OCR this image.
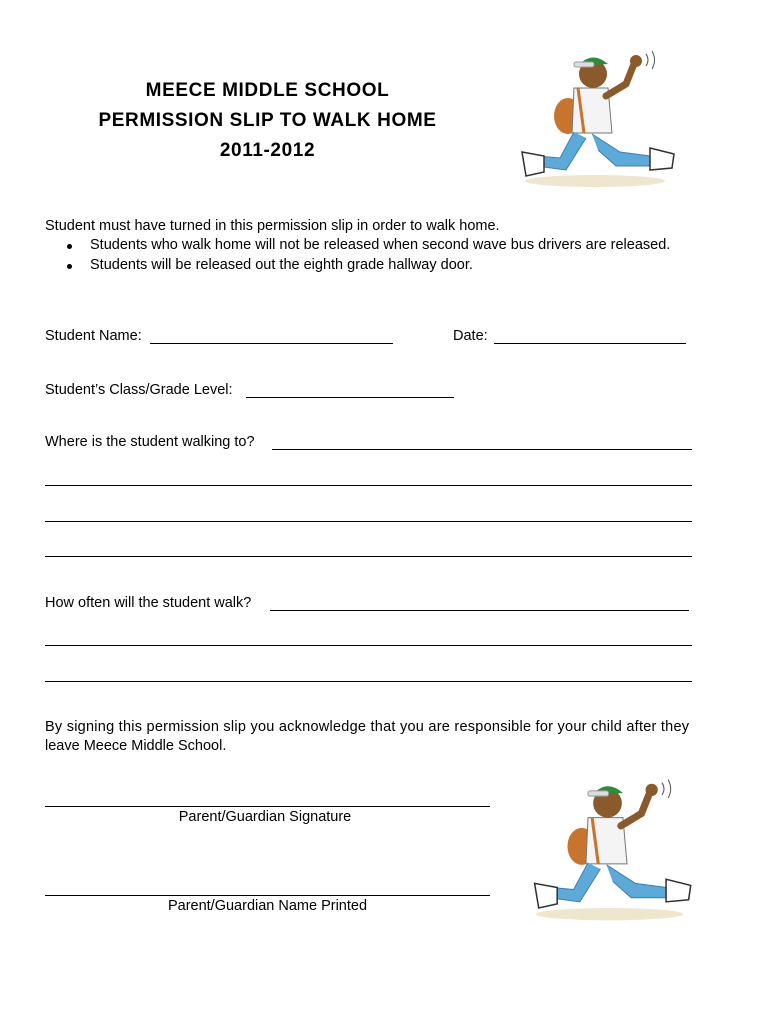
MEECE MIDDLE SCHOOL
PERMISSION SLIP TO WALK HOME
2011-2012
Student must have turned in this permission slip in order to walk home.
Students who walk home will not be released when second wave bus drivers are released.
Students will be released out the eighth grade hallway door.
Student Name:	Date:
Student’s Class/Grade Level:
Where is the student walking to?
How often will the student walk?
By signing this permission slip you acknowledge that you are responsible for your child after they
leave Meece Middle School.
Parent/Guardian Signature
Parent/Guardian Name Printed
